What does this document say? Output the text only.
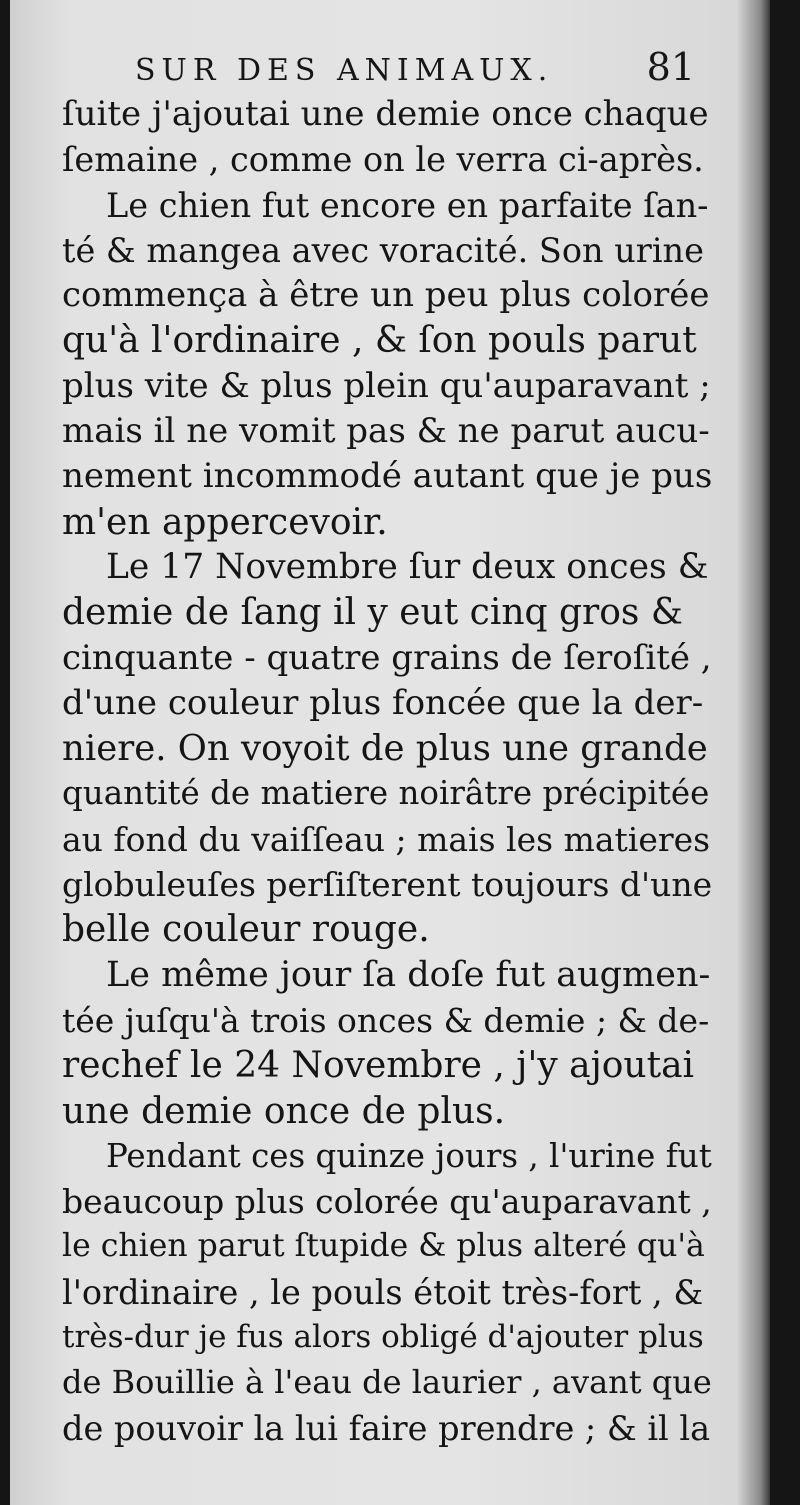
SUR DES ANIMAUX. 81
ſuite j'ajoutai une demie once chaque
ſemaine , comme on le verra ci-après.
Le chien fut encore en parfaite ſan-
té & mangea avec voracité. Son urine
commença à être un peu plus colorée
qu'à l'ordinaire , & ſon pouls parut
plus vite & plus plein qu'auparavant ;
mais il ne vomit pas & ne parut aucu-
nement incommodé autant que je pus
m'en appercevoir.
Le 17 Novembre ſur deux onces &
demie de ſang il y eut cinq gros &
cinquante - quatre grains de ſeroſité ,
d'une couleur plus foncée que la der-
niere. On voyoit de plus une grande
quantité de matiere noirâtre précipitée
au fond du vaiſſeau ; mais les matieres
globuleuſes perſiſterent toujours d'une
belle couleur rouge.
Le même jour ſa doſe fut augmen-
tée juſqu'à trois onces & demie ; & de-
rechef le 24 Novembre , j'y ajoutai
une demie once de plus.
Pendant ces quinze jours , l'urine fut
beaucoup plus colorée qu'auparavant ,
le chien parut ſtupide & plus alteré qu'à
l'ordinaire , le pouls étoit très-fort , &
très-dur je fus alors obligé d'ajouter plus
de Bouillie à l'eau de laurier , avant que
de pouvoir la lui faire prendre ; & il la
